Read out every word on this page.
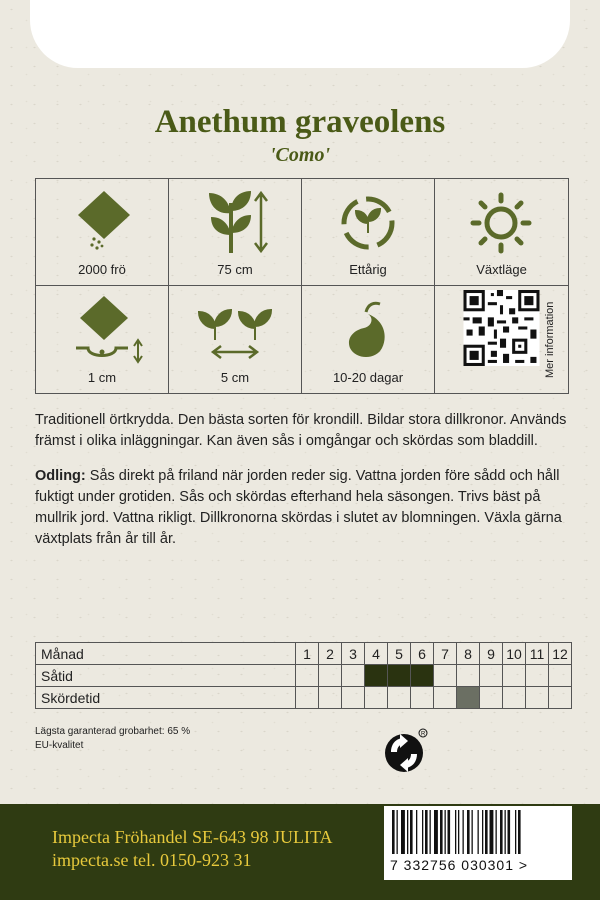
Anethum graveolens
'Como'
2000 frö	75 cm	Ettårig	Växtläge
1 cm	5 cm	10-20 dagar	Mer information
Traditionell örtkrydda. Den bästa sorten för krondill. Bildar stora dillkronor. Används främst i olika inläggningar. Kan även sås i omgångar och skördas som bladdill.
Odling: Sås direkt på friland när jorden reder sig. Vattna jorden före sådd och håll fuktigt under grotiden. Sås och skördas efterhand hela säsongen. Trivs bäst på mullrik jord. Vattna rikligt. Dillkronorna skördas i slutet av blomningen. Växla gärna växtplats från år till år.
Månad	1	2	3	4	5	6	7	8	9	10	11	12
Såtid												
Skördetid												
Lägsta garanterad grobarhet: 65 %
EU-kvalitet
R
Impecta Fröhandel SE-643 98 JULITA
impecta.se tel. 0150-923 31	7 332756 030301 >
